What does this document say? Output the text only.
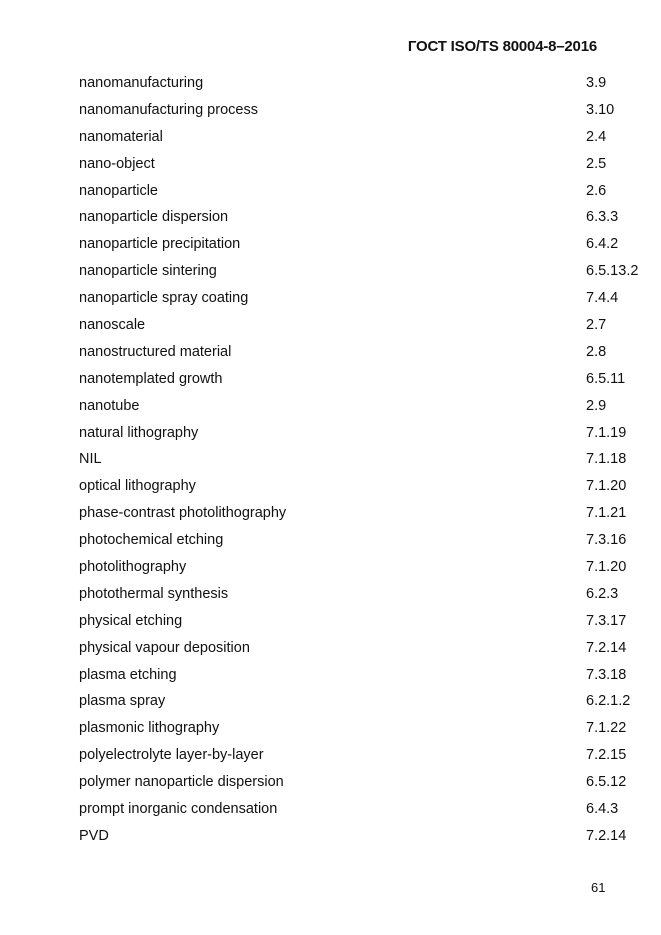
ГОСТ ISO/TS 80004-8–2016
nanomanufacturing	3.9
nanomanufacturing process	3.10
nanomaterial	2.4
nano-object	2.5
nanoparticle	2.6
nanoparticle dispersion	6.3.3
nanoparticle precipitation	6.4.2
nanoparticle sintering	6.5.13.2
nanoparticle spray coating	7.4.4
nanoscale	2.7
nanostructured material	2.8
nanotemplated growth	6.5.11
nanotube	2.9
natural lithography	7.1.19
NIL	7.1.18
optical lithography	7.1.20
phase-contrast photolithography	7.1.21
photochemical etching	7.3.16
photolithography	7.1.20
photothermal synthesis	6.2.3
physical etching	7.3.17
physical vapour deposition	7.2.14
plasma etching	7.3.18
plasma spray	6.2.1.2
plasmonic lithography	7.1.22
polyelectrolyte layer-by-layer	7.2.15
polymer nanoparticle dispersion	6.5.12
prompt inorganic condensation	6.4.3
PVD	7.2.14
61
